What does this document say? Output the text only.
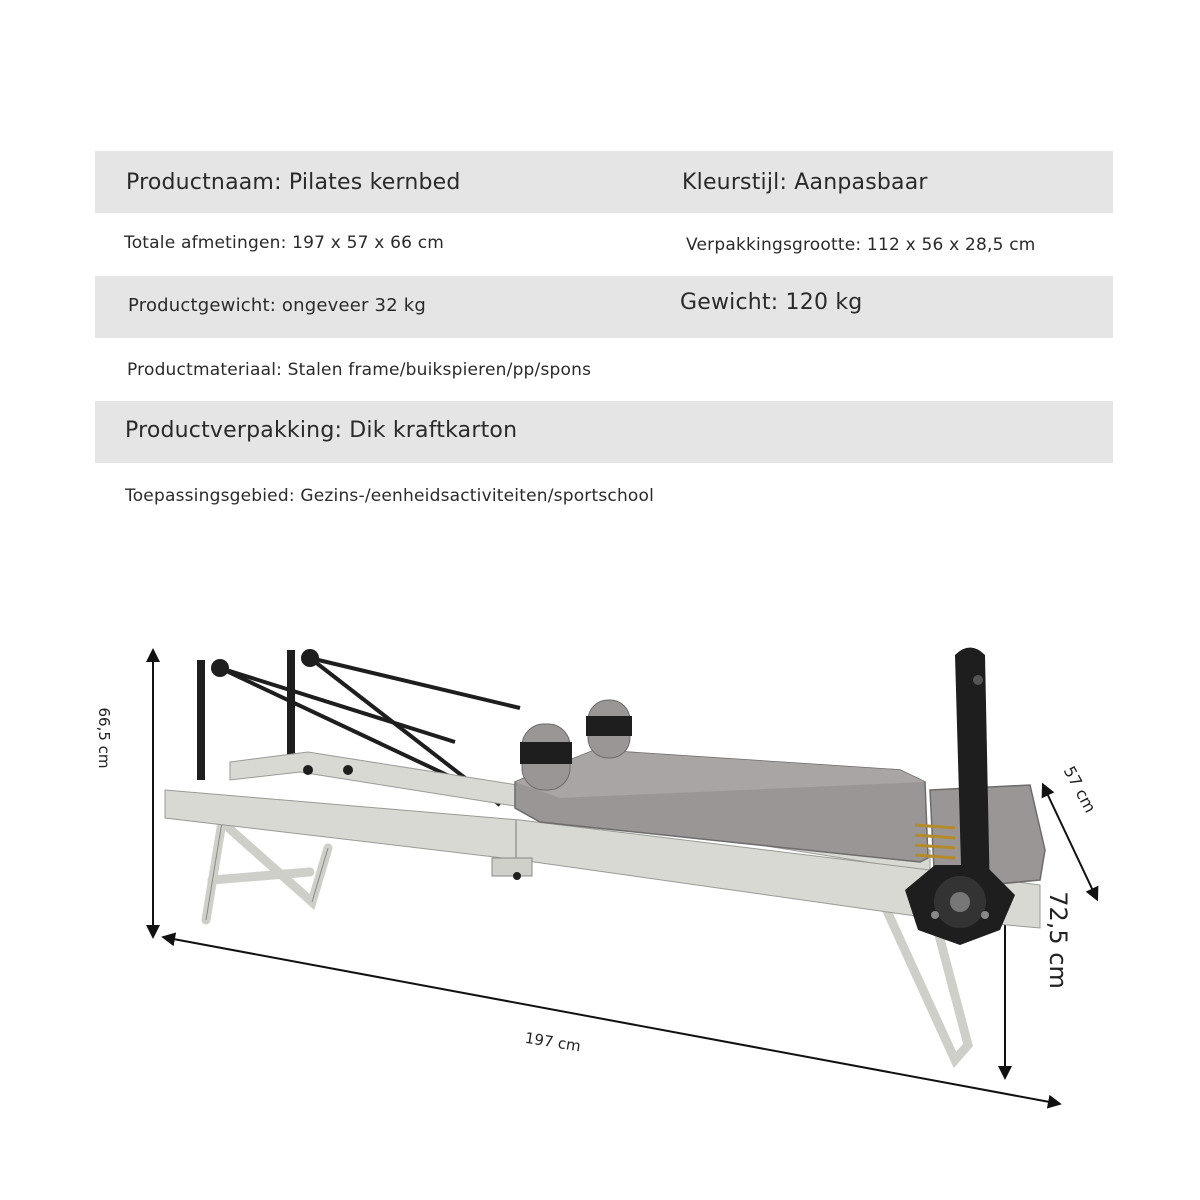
Productnaam: Pilates kernbed	Kleurstijl: Aanpasbaar
Totale afmetingen: 197 x 57 x 66 cm	Verpakkingsgrootte: 112 x 56 x 28,5 cm
Productgewicht: ongeveer 32 kg	Gewicht: 120 kg
Productmateriaal: Stalen frame/buikspieren/pp/spons
Productverpakking: Dik kraftkarton
Toepassingsgebied: Gezins-/eenheidsactiviteiten/sportschool
66,5 cm
197 cm
57 cm
72,5 cm
